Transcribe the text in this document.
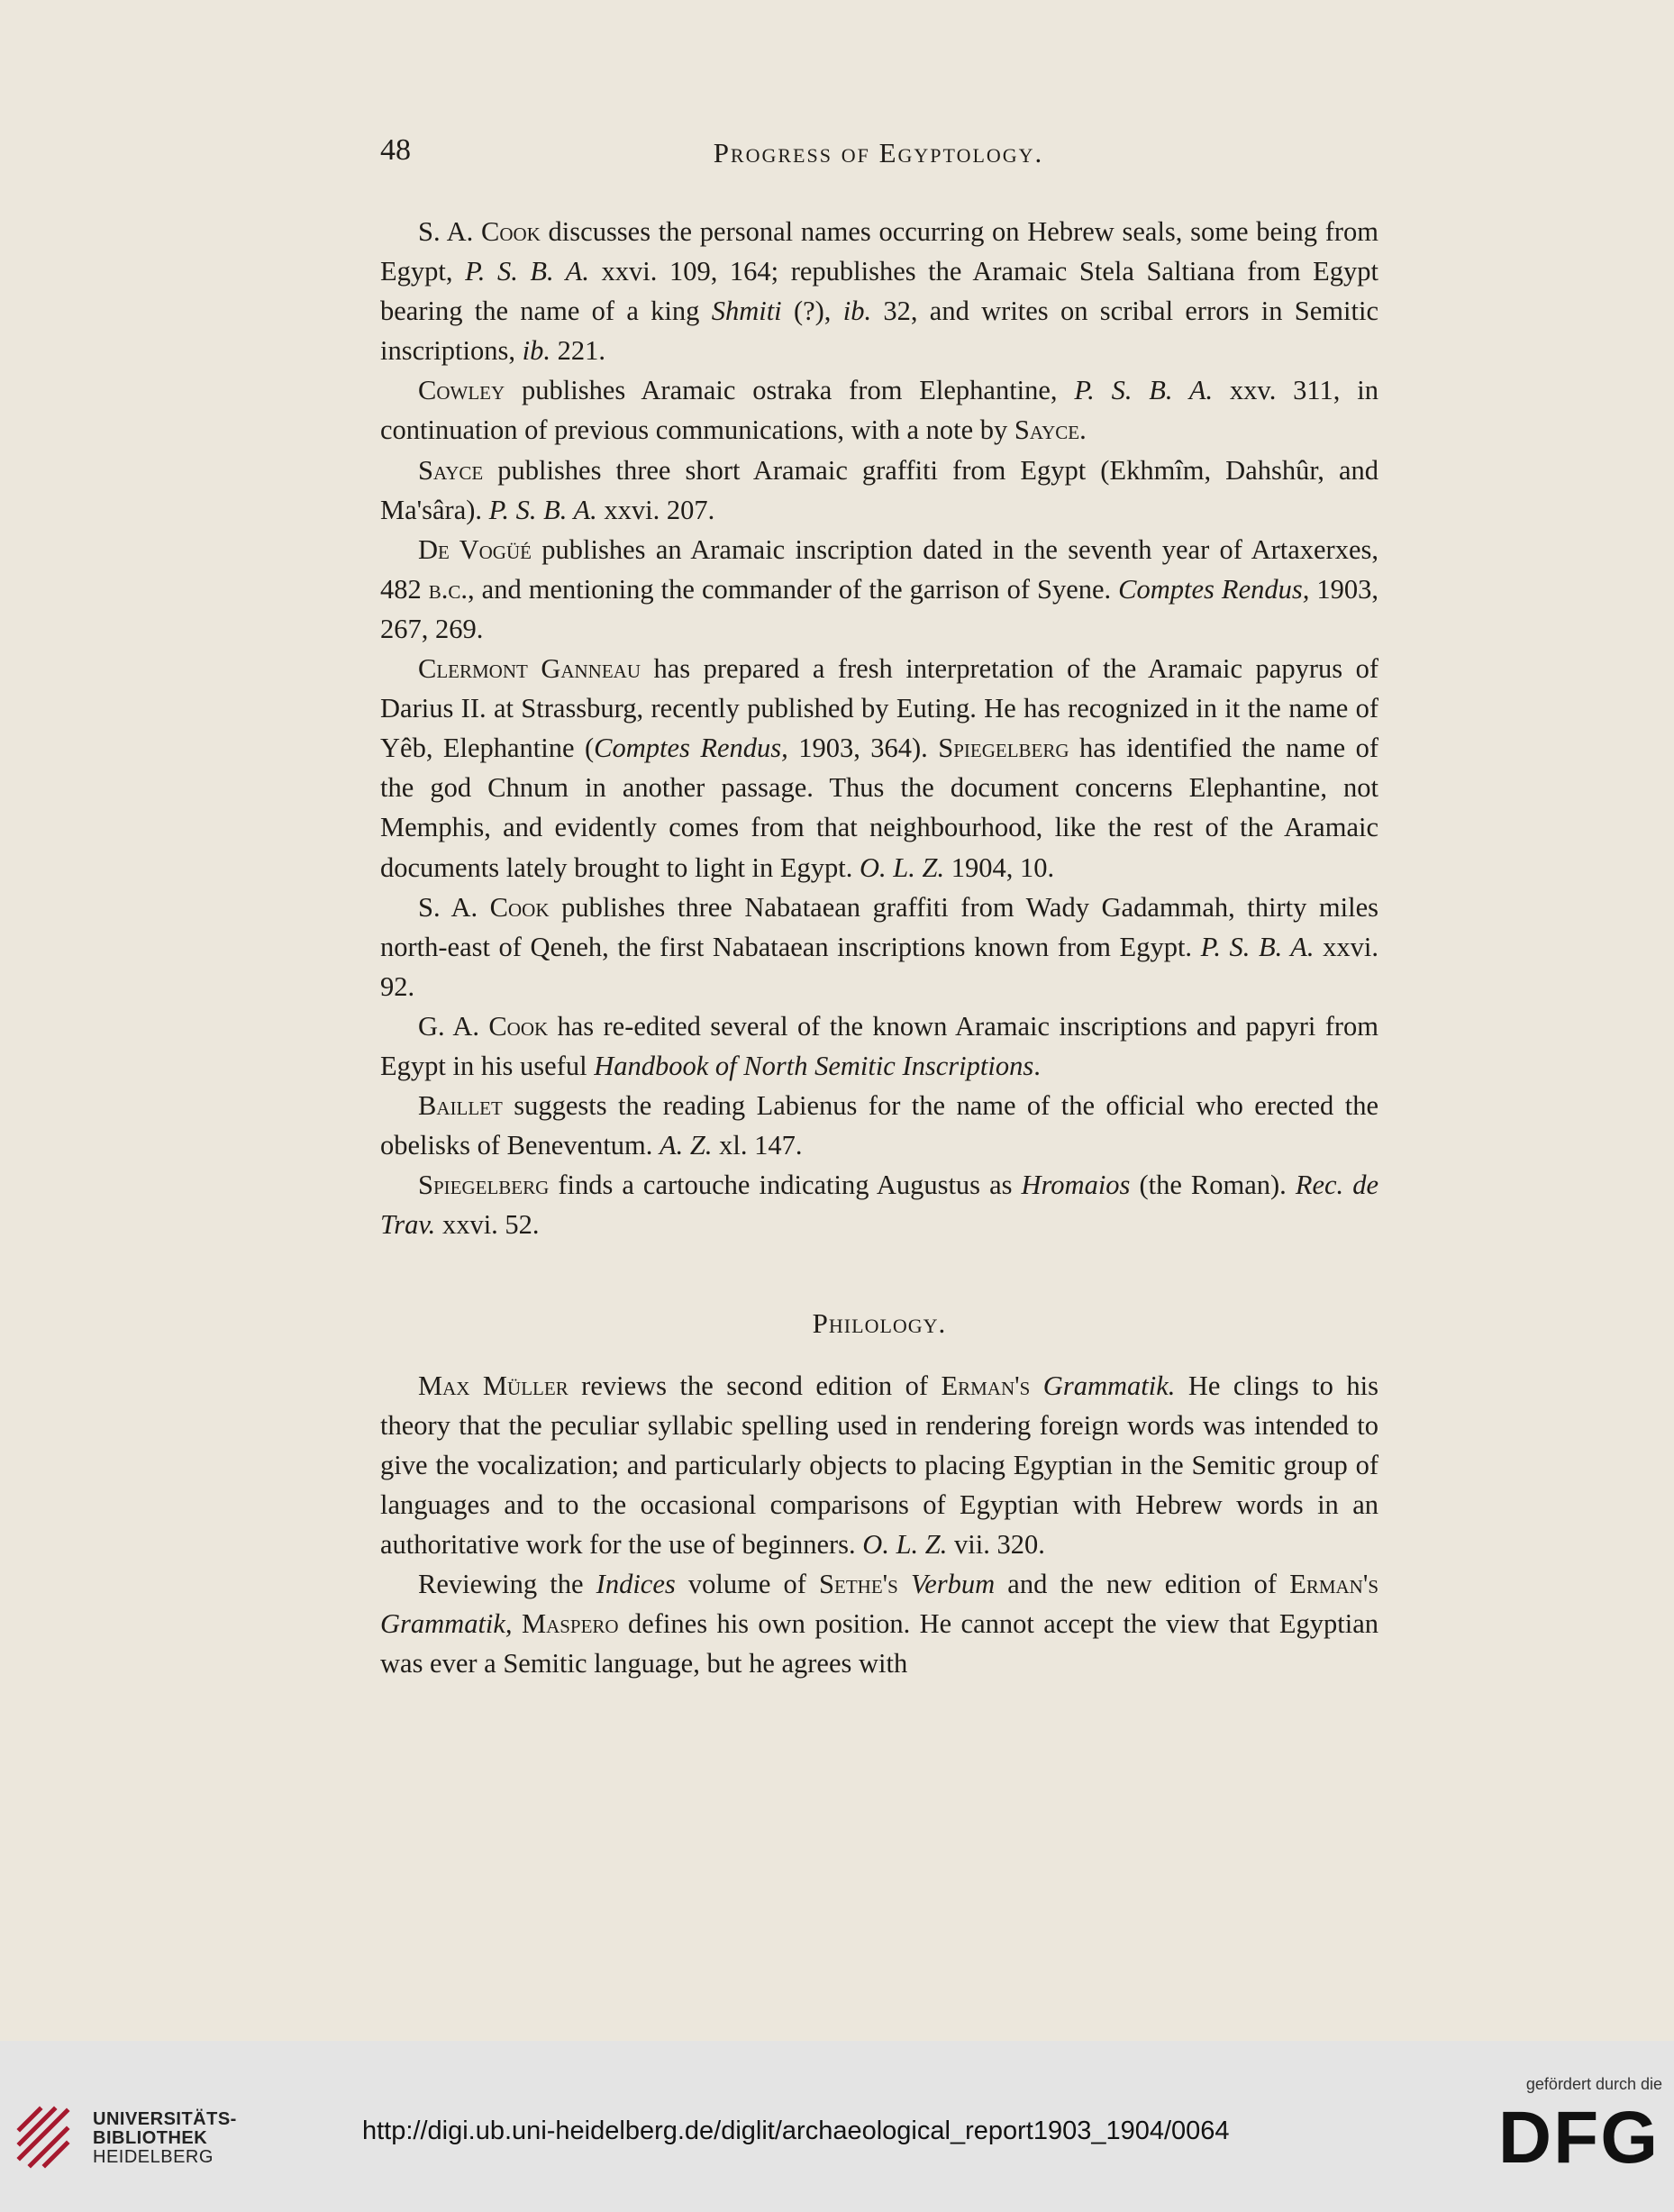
48	Progress of Egyptology.

S. A. Cook discusses the personal names occurring on Hebrew seals, some being from Egypt, P. S. B. A. xxvi. 109, 164; republishes the Aramaic Stela Saltiana from Egypt bearing the name of a king Shmiti (?), ib. 32, and writes on scribal errors in Semitic inscriptions, ib. 221.

Cowley publishes Aramaic ostraka from Elephantine, P. S. B. A. xxv. 311, in continuation of previous communications, with a note by Sayce.

Sayce publishes three short Aramaic graffiti from Egypt (Ekhmîm, Dahshûr, and Ma'sâra). P. S. B. A. xxvi. 207.

De Vogüé publishes an Aramaic inscription dated in the seventh year of Artaxerxes, 482 b.c., and mentioning the commander of the garrison of Syene. Comptes Rendus, 1903, 267, 269.

Clermont Ganneau has prepared a fresh interpretation of the Aramaic papyrus of Darius II. at Strassburg, recently published by Euting. He has recognized in it the name of Yêb, Elephantine (Comptes Rendus, 1903, 364). Spiegelberg has identified the name of the god Chnum in another passage. Thus the document concerns Elephantine, not Memphis, and evidently comes from that neighbourhood, like the rest of the Aramaic documents lately brought to light in Egypt. O. L. Z. 1904, 10.

S. A. Cook publishes three Nabataean graffiti from Wady Gadammah, thirty miles north-east of Qeneh, the first Nabataean inscriptions known from Egypt. P. S. B. A. xxvi. 92.

G. A. Cook has re-edited several of the known Aramaic inscriptions and papyri from Egypt in his useful Handbook of North Semitic Inscriptions.

Baillet suggests the reading Labienus for the name of the official who erected the obelisks of Beneventum. A. Z. xl. 147.

Spiegelberg finds a cartouche indicating Augustus as Hromaios (the Roman). Rec. de Trav. xxvi. 52.

Philology.

Max Müller reviews the second edition of Erman's Grammatik. He clings to his theory that the peculiar syllabic spelling used in rendering foreign words was intended to give the vocalization; and particularly objects to placing Egyptian in the Semitic group of languages and to the occasional comparisons of Egyptian with Hebrew words in an authoritative work for the use of beginners. O. L. Z. vii. 320.

Reviewing the Indices volume of Sethe's Verbum and the new edition of Erman's Grammatik, Maspero defines his own position. He cannot accept the view that Egyptian was ever a Semitic language, but he agrees with

UNIVERSITÄTS-
BIBLIOTHEK
HEIDELBERG
http://digi.ub.uni-heidelberg.de/diglit/archaeological_report1903_1904/0064
gefördert durch die
DFG
